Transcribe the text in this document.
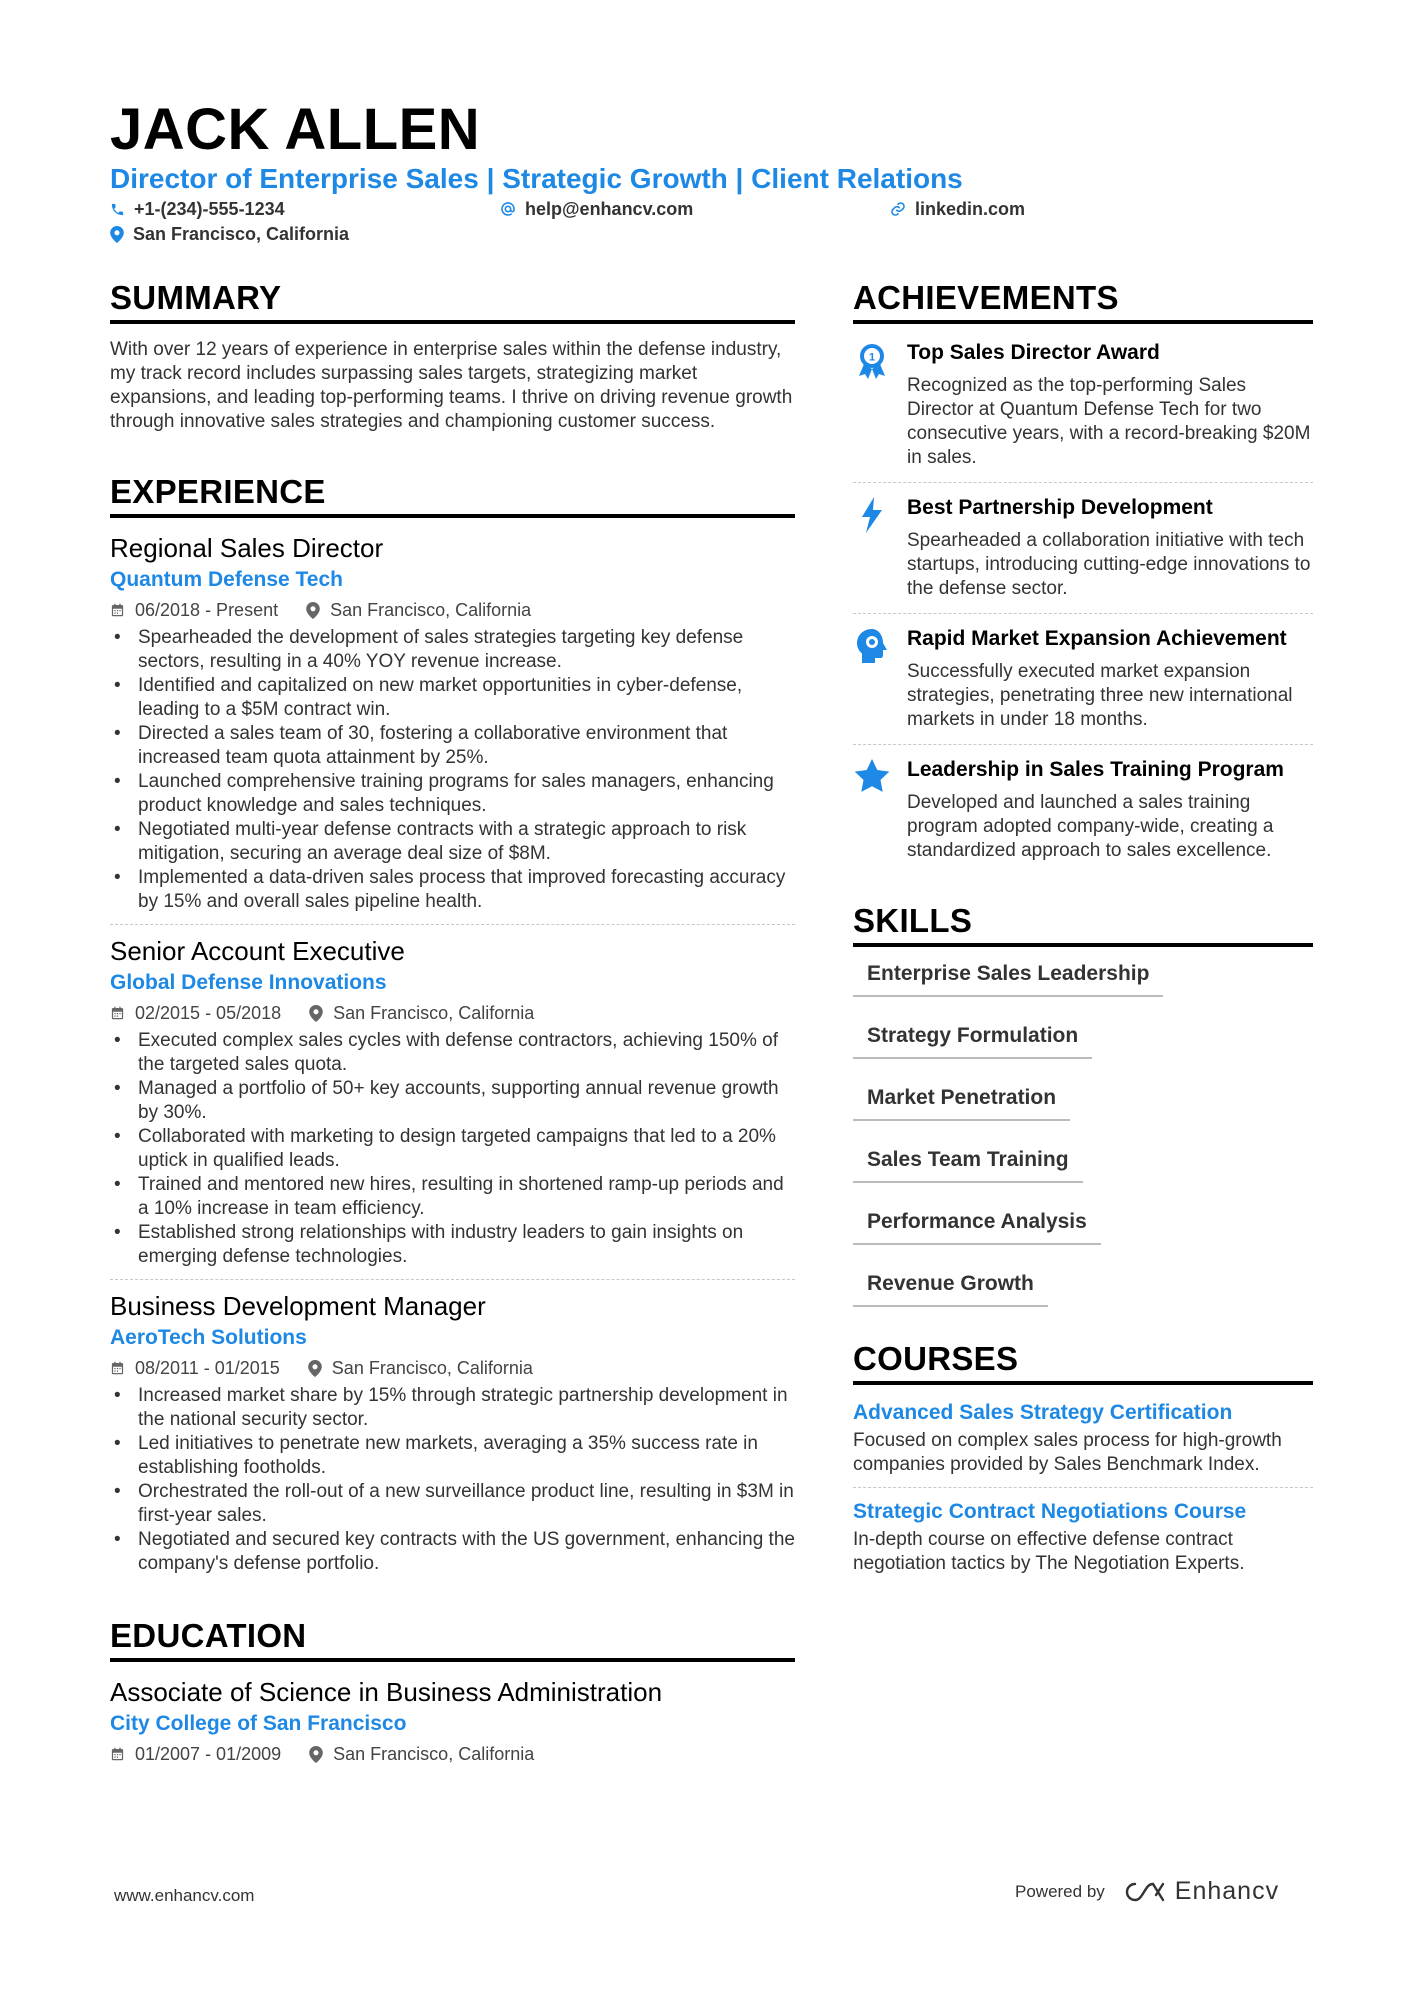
JACK ALLEN
Director of Enterprise Sales | Strategic Growth | Client Relations
+1-(234)-555-1234	help@enhancv.com	linkedin.com
San Francisco, California
SUMMARY
With over 12 years of experience in enterprise sales within the defense industry, my track record includes surpassing sales targets, strategizing market expansions, and leading top-performing teams. I thrive on driving revenue growth through innovative sales strategies and championing customer success.
EXPERIENCE
Regional Sales Director
Quantum Defense Tech
06/2018 - Present	San Francisco, California
• Spearheaded the development of sales strategies targeting key defense sectors, resulting in a 40% YOY revenue increase.
• Identified and capitalized on new market opportunities in cyber-defense, leading to a $5M contract win.
• Directed a sales team of 30, fostering a collaborative environment that increased team quota attainment by 25%.
• Launched comprehensive training programs for sales managers, enhancing product knowledge and sales techniques.
• Negotiated multi-year defense contracts with a strategic approach to risk mitigation, securing an average deal size of $8M.
• Implemented a data-driven sales process that improved forecasting accuracy by 15% and overall sales pipeline health.
Senior Account Executive
Global Defense Innovations
02/2015 - 05/2018	San Francisco, California
• Executed complex sales cycles with defense contractors, achieving 150% of the targeted sales quota.
• Managed a portfolio of 50+ key accounts, supporting annual revenue growth by 30%.
• Collaborated with marketing to design targeted campaigns that led to a 20% uptick in qualified leads.
• Trained and mentored new hires, resulting in shortened ramp-up periods and a 10% increase in team efficiency.
• Established strong relationships with industry leaders to gain insights on emerging defense technologies.
Business Development Manager
AeroTech Solutions
08/2011 - 01/2015	San Francisco, California
• Increased market share by 15% through strategic partnership development in the national security sector.
• Led initiatives to penetrate new markets, averaging a 35% success rate in establishing footholds.
• Orchestrated the roll-out of a new surveillance product line, resulting in $3M in first-year sales.
• Negotiated and secured key contracts with the US government, enhancing the company's defense portfolio.
EDUCATION
Associate of Science in Business Administration
City College of San Francisco
01/2007 - 01/2009	San Francisco, California
ACHIEVEMENTS
1 Top Sales Director Award
Recognized as the top-performing Sales Director at Quantum Defense Tech for two consecutive years, with a record-breaking $20M in sales.
Best Partnership Development
Spearheaded a collaboration initiative with tech startups, introducing cutting-edge innovations to the defense sector.
Rapid Market Expansion Achievement
Successfully executed market expansion strategies, penetrating three new international markets in under 18 months.
Leadership in Sales Training Program
Developed and launched a sales training program adopted company-wide, creating a standardized approach to sales excellence.
SKILLS
Enterprise Sales Leadership
Strategy Formulation
Market Penetration
Sales Team Training
Performance Analysis
Revenue Growth
COURSES
Advanced Sales Strategy Certification
Focused on complex sales process for high-growth companies provided by Sales Benchmark Index.
Strategic Contract Negotiations Course
In-depth course on effective defense contract negotiation tactics by The Negotiation Experts.
www.enhancv.com	Powered by	Enhancv
